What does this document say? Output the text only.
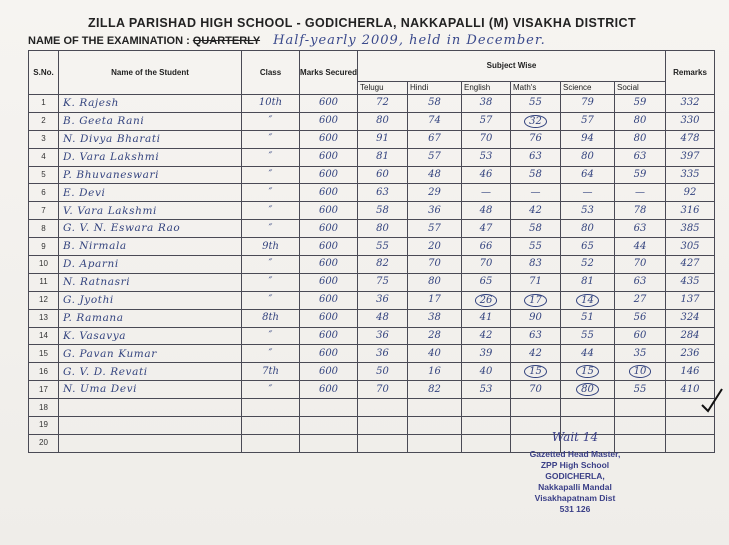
ZILLA PARISHAD HIGH SCHOOL - GODICHERLA, NAKKAPALLI (M) VISAKHA DISTRICT
NAME OF THE EXAMINATION : QUARTERLY Half-yearly 2009, held in December.
S.No.	Name of the Student	Class	Marks Secured	Subject Wise						Remarks
				Telugu	Hindi	English	Math's	Science	Social	
1	K. Rajesh	10th	600	72	58	38	55	79	59	332
2	B. Geeta Rani	″	600	80	74	57	32	57	80	330
3	N. Divya Bharati	″	600	91	67	70	76	94	80	478
4	D. Vara Lakshmi	″	600	81	57	53	63	80	63	397
5	P. Bhuvaneswari	″	600	60	48	46	58	64	59	335
6	E. Devi	″	600	63	29	—	—	—	—	92
7	V. Vara Lakshmi	″	600	58	36	48	42	53	78	316
8	G. V. N. Eswara Rao	″	600	80	57	47	58	80	63	385
9	B. Nirmala	9th	600	55	20	66	55	65	44	305
10	D. Aparni	″	600	82	70	70	83	52	70	427
11	N. Ratnasri	″	600	75	80	65	71	81	63	435
12	G. Jyothi	″	600	36	17	26	17	14	27	137
13	P. Ramana	8th	600	48	38	41	90	51	56	324
14	K. Vasavya	″	600	36	28	42	63	55	60	284
15	G. Pavan Kumar	″	600	36	40	39	42	44	35	236
16	G. V. D. Revati	7th	600	50	16	40	15	15	10	146
17	N. Uma Devi	″	600	70	82	53	70	80	55	410
18										
19										
20											Wait 14
Gazetted Head Master,
ZPP High School
GODICHERLA,
Nakkapalli Mandal
Visakhapatnam Dist
531 126
